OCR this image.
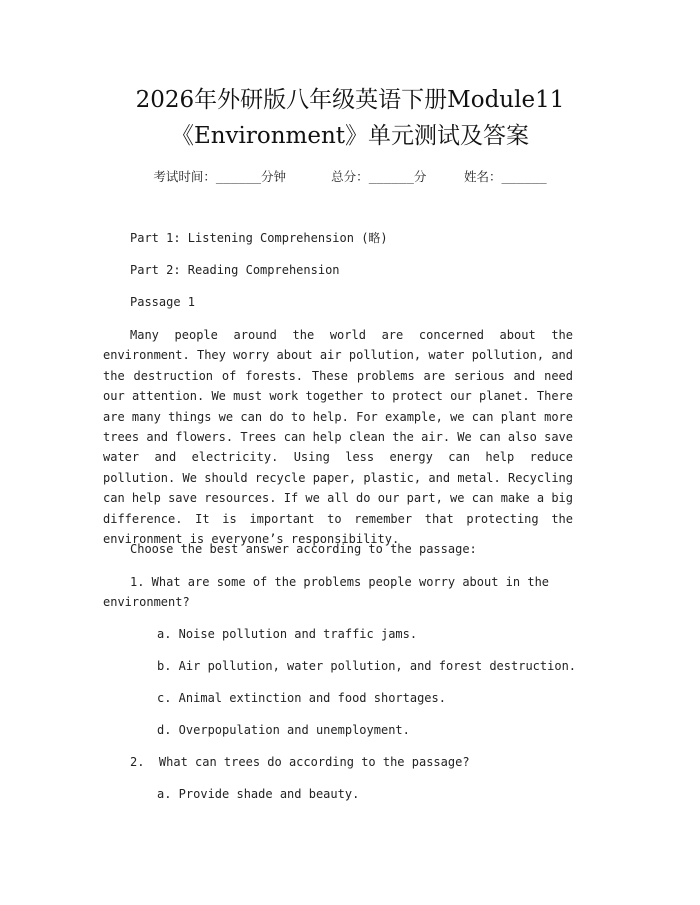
2026年外研版八年级英语下册Module11
《Environment》单元测试及答案
考试时间：______分钟	总分：______分	姓名：______
Part 1: Listening Comprehension (略)
Part 2: Reading Comprehension
Passage 1
Many people around the world are concerned about the environment. They worry about air pollution, water pollution, and the destruction of forests. These problems are serious and need our attention. We must work together to protect our planet. There are many things we can do to help. For example, we can plant more trees and flowers. Trees can help clean the air. We can also save water and electricity. Using less energy can help reduce pollution. We should recycle paper, plastic, and metal. Recycling can help save resources. If we all do our part, we can make a big difference. It is important to remember that protecting the environment is everyone’s responsibility.
Choose the best answer according to the passage:
1. What are some of the problems people worry about in the environment?
a. Noise pollution and traffic jams.
b. Air pollution, water pollution, and forest destruction.
c. Animal extinction and food shortages.
d. Overpopulation and unemployment.
2.  What can trees do according to the passage?
a. Provide shade and beauty.
